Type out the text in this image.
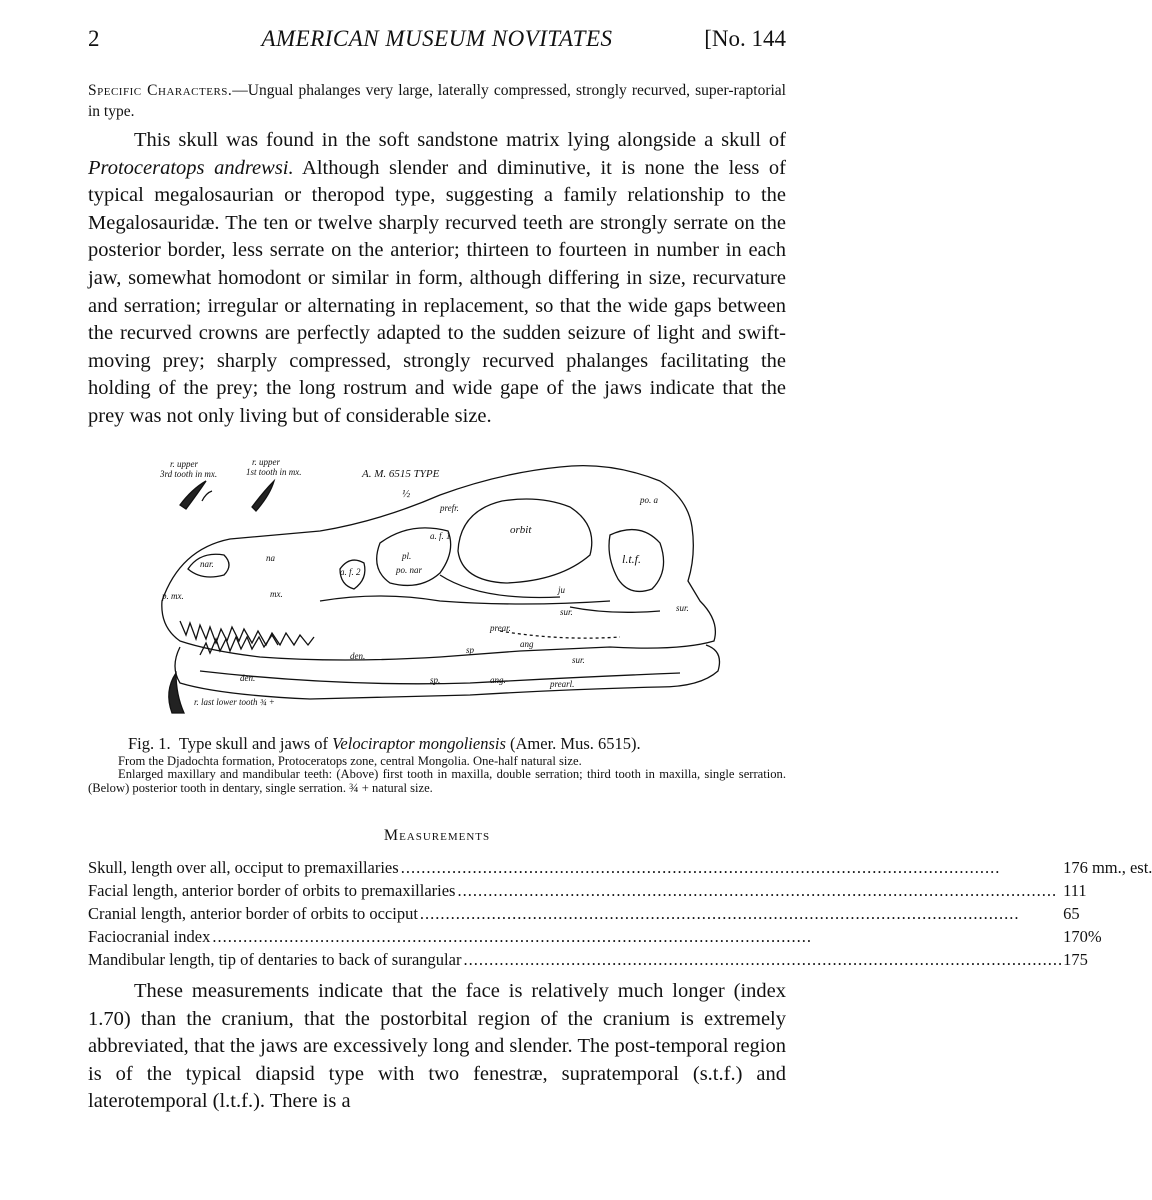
AMERICAN MUSEUM NOVITATES
2	[No. 144
Specific Characters.—Ungual phalanges very large, laterally compressed, strongly recurved, super-raptorial in type.

This skull was found in the soft sandstone matrix lying alongside a skull of Protoceratops andrewsi. Although slender and diminutive, it is none the less of typical megalosaurian or theropod type, suggesting a family relationship to the Megalosauridæ. The ten or twelve sharply recurved teeth are strongly serrate on the posterior border, less serrate on the anterior; thirteen to fourteen in number in each jaw, somewhat homodont or similar in form, although differing in size, recurvature and serration; irregular or alternating in replacement, so that the wide gaps between the recurved crowns are perfectly adapted to the sudden seizure of light and swift-moving prey; sharply compressed, strongly recurved phalanges facilitating the holding of the prey; the long rostrum and wide gape of the jaws indicate that the prey was not only living but of considerable size.

r. upper
3rd tooth in mx.
r. upper
1st tooth in mx.	A. M. 6515 TYPE
½
prefr.
po. a
orbit
a. f. 1
nar.
na
a. f. 2
pl.
po. nar
l.t.f.
p. mx.	mx.	ju
sur.	sur.
prear.
ang
den.
den.
sp
sp.	ang.
sur.
prearl.
r. last lower tooth ¾ +
Fig. 1. Type skull and jaws of Velociraptor mongoliensis (Amer. Mus. 6515).
From the Djadochta formation, Protoceratops zone, central Mongolia. One-half natural size.
Enlarged maxillary and mandibular teeth: (Above) first tooth in maxilla, double serration; third tooth in maxilla, single serration. (Below) posterior tooth in dentary, single serration. ¾ + natural size.
Measurements
Skull, length over all, occiput to premaxillaries
.....	176 mm., est.

Facial length, anterior border of orbits to premaxillaries
.....	111

Cranial length, anterior border of orbits to occiput
.....	65

Faciocranial index
.....	170%

Mandibular length, tip of dentaries to back of surangular
.....	175

These measurements indicate that the face is relatively much longer (index 1.70) than the cranium, that the postorbital region of the cranium is extremely abbreviated, that the jaws are excessively long and slender. The post-temporal region is of the typical diapsid type with two fenestræ, supratemporal (s.t.f.) and laterotemporal (l.t.f.). There is a
